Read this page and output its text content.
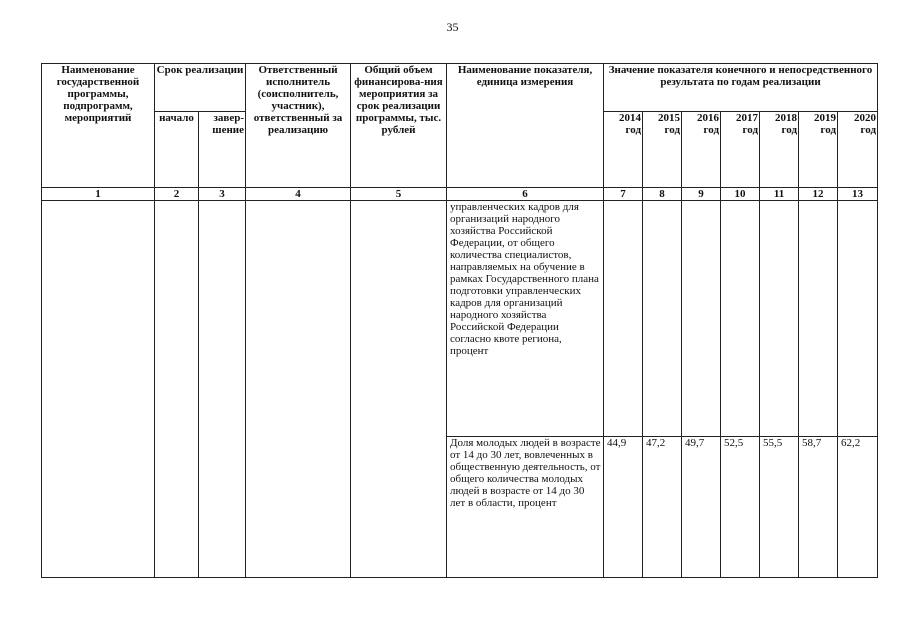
35
Наименование государственной программы, подпрограмм, мероприятий	Срок реализации		Ответственный исполнитель (соисполнитель, участник), ответственный за реализацию	Общий объем финансирова-ния мероприятия за срок реализации программы, тыс. рублей	Наименование показателя, единица измерения	Значение показателя конечного и непосредственного результата по годам реализации						
	начало	завер-шение				2014 год	2015 год	2016 год	2017 год	2018 год	2019 год	2020 год
1	2	3	4	5	6	7	8	9	10	11	12	13
					управленческих кадров для организаций народного хозяйства Российской Федерации, от общего количества специалистов, направляемых на обучение в рамках Государственного плана подготовки управленческих кадров для организаций народного хозяйства Российской Федерации согласно квоте региона, процент							
					Доля молодых людей в возрасте от 14 до 30 лет, вовлеченных в общественную деятельность, от общего количества молодых людей в возрасте от 14 до 30 лет в области, процент	44,9	47,2	49,7	52,5	55,5	58,7	62,2
